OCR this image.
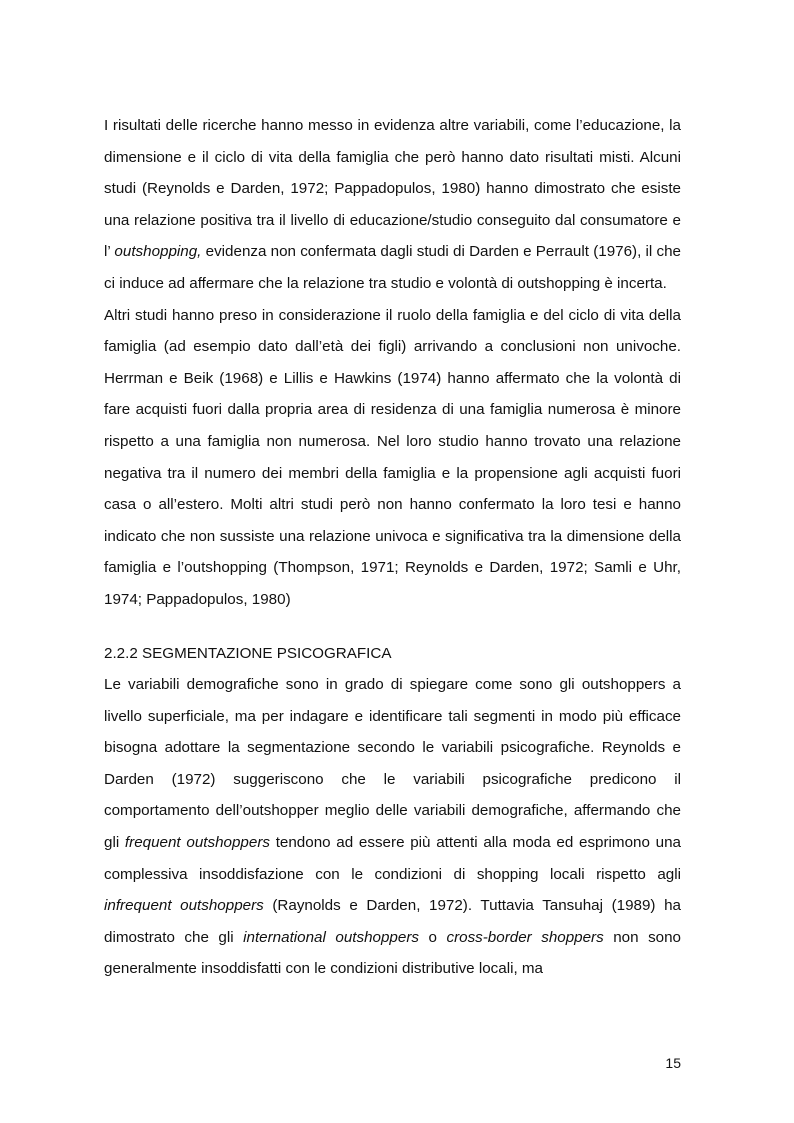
I risultati delle ricerche hanno messo in evidenza altre variabili, come l’educazione, la dimensione e il ciclo di vita della famiglia che però hanno dato risultati misti. Alcuni studi (Reynolds e Darden, 1972; Pappadopulos, 1980) hanno dimostrato che esiste una relazione positiva tra il livello di educazione/studio conseguito dal consumatore e l’ outshopping, evidenza non confermata dagli studi di Darden e Perrault (1976), il che ci induce ad affermare che la relazione tra studio e volontà di outshopping è incerta.

Altri studi hanno preso in considerazione il ruolo della famiglia e del ciclo di vita della famiglia (ad esempio dato dall’età dei figli) arrivando a conclusioni non univoche. Herrman e Beik (1968) e Lillis e Hawkins (1974) hanno affermato che la volontà di fare acquisti fuori dalla propria area di residenza di una famiglia numerosa è minore rispetto a una famiglia non numerosa. Nel loro studio hanno trovato una relazione negativa tra il numero dei membri della famiglia e la propensione agli acquisti fuori casa o all’estero. Molti altri studi però non hanno confermato la loro tesi e hanno indicato che non sussiste una relazione univoca e significativa tra la dimensione della famiglia e l’outshopping (Thompson, 1971; Reynolds e Darden, 1972; Samli e Uhr, 1974; Pappadopulos, 1980)

2.2.2 SEGMENTAZIONE PSICOGRAFICA

Le variabili demografiche sono in grado di spiegare come sono gli outshoppers a livello superficiale, ma per indagare e identificare tali segmenti in modo più efficace bisogna adottare la segmentazione secondo le variabili psicografiche. Reynolds e Darden (1972) suggeriscono che le variabili psicografiche predicono il comportamento dell’outshopper meglio delle variabili demografiche, affermando che gli frequent outshoppers tendono ad essere più attenti alla moda ed esprimono una complessiva insoddisfazione con le condizioni di shopping locali rispetto agli infrequent outshoppers (Raynolds e Darden, 1972). Tuttavia Tansuhaj (1989) ha dimostrato che gli international outshoppers o cross-border shoppers non sono generalmente insoddisfatti con le condizioni distributive locali, ma

15
